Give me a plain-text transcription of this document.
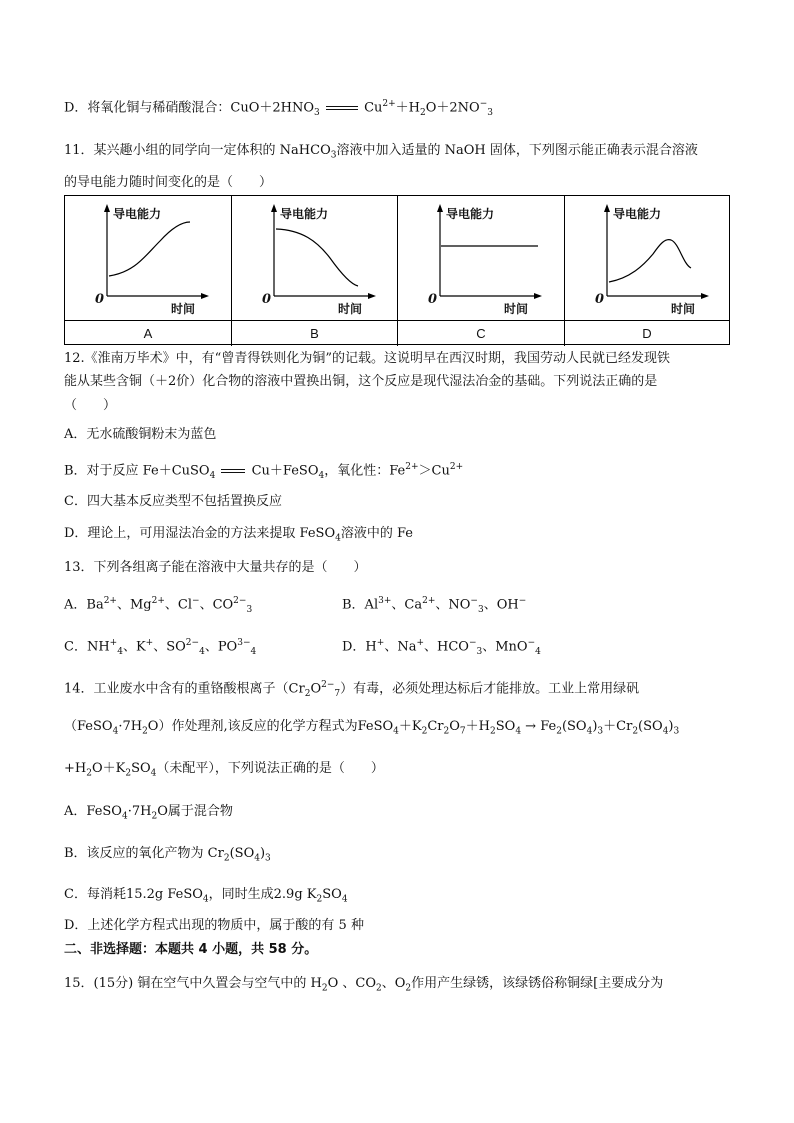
D．将氧化铜与稀硝酸混合：$CuO+2HNO_3$	$Cu^{2+}+H_2O+2NO^-_3$
11．某兴趣小组的同学向一定体积的 NaHCO$_3$溶液中加入适量的 NaOH 固体，下列图示能正确表示混合溶液
的导电能力随时间变化的是（　　）
导电能力
时间
0
导电能力
时间
0
导电能力
时间
0
导电能力
时间
0
A	B	C	D
12.《淮南万毕术》中，有“曾青得铁则化为铜”的记载。这说明早在西汉时期，我国劳动人民就已经发现铁
能从某些含铜（＋2价）化合物的溶液中置换出铜，这个反应是现代湿法冶金的基础。下列说法正确的是
（　　）
A．无水硫酸铜粉末为蓝色
B．对于反应 Fe＋CuSO$_4$	Cu＋FeSO$_4$，氧化性：$Fe^{2+}>Cu^{2+}$
C．四大基本反应类型不包括置换反应
D．理论上，可用湿法冶金的方法来提取 FeSO$_4$溶液中的 Fe
13．下列各组离子能在溶液中大量共存的是（　　）
A．$Ba^{2+}$、$Mg^{2+}$、Cl−、$CO^{2-}_3$	B．$Al^{3+}$、$Ca^{2+}$、$NO^-_3$、OH−
C．$NH^+_4$、K+、$SO^{2-}_4$、$PO^{3-}_4$	D．H+、Na+、$HCO^-_3$、MnO−$_4$
14．工业废水中含有的重铬酸根离子$(Cr_2O^{2-}_7)$有毒，必须处理达标后才能排放。工业上常用绿矾
$(FeSO_4\cdot 7H_2O)$作处理剂,该反应的化学方程式为$FeSO_4+K_2Cr_2O_7+H_2SO_4 \to Fe_2(SO_4)_3+Cr_2(SO_4)_3$
$+H_2O+K_2SO_4$（未配平），下列说法正确的是（　　）
A．$FeSO_4\cdot 7H_2O$属于混合物
B．该反应的氧化产物为 $Cr_2(SO_4)_3$
C．每消耗15.2g FeSO$_4$，同时生成2.9g $K_2SO_4$
D．上述化学方程式出现的物质中，属于酸的有 5 种
二、非选择题：本题共 4 小题，共 58 分。
15．(15分) 铜在空气中久置会与空气中的 $H_2O$ 、$CO_2$、$O_2$作用产生绿锈，该绿锈俗称铜绿[主要成分为
